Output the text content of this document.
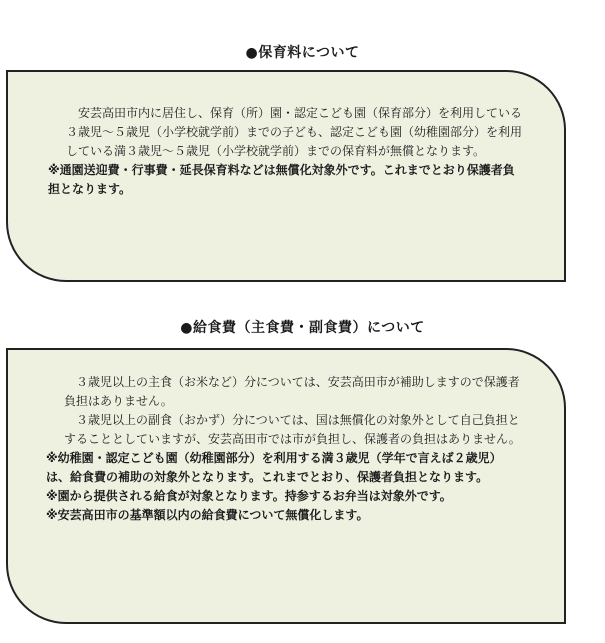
●保育料について

安芸高田市内に居住し、保育（所）園・認定こども園（保育部分）を利用している３歳児〜５歳児（小学校就学前）までの子ども、認定こども園（幼稚園部分）を利用している満３歳児〜５歳児（小学校就学前）までの保育料が無償となります。

※通園送迎費・行事費・延長保育料などは無償化対象外です。これまでとおり保護者負担となります。

●給食費（主食費・副食費）について

３歳児以上の主食（お米など）分については、安芸高田市が補助しますので保護者負担はありません。

３歳児以上の副食（おかず）分については、国は無償化の対象外として自己負担とすることとしていますが、安芸高田市では市が負担し、保護者の負担はありません。

※幼稚園・認定こども園（幼稚園部分）を利用する満３歳児（学年で言えば２歳児）は、給食費の補助の対象外となります。これまでとおり、保護者負担となります。

※園から提供される給食が対象となります。持参するお弁当は対象外です。

※安芸高田市の基準額以内の給食費について無償化します。
